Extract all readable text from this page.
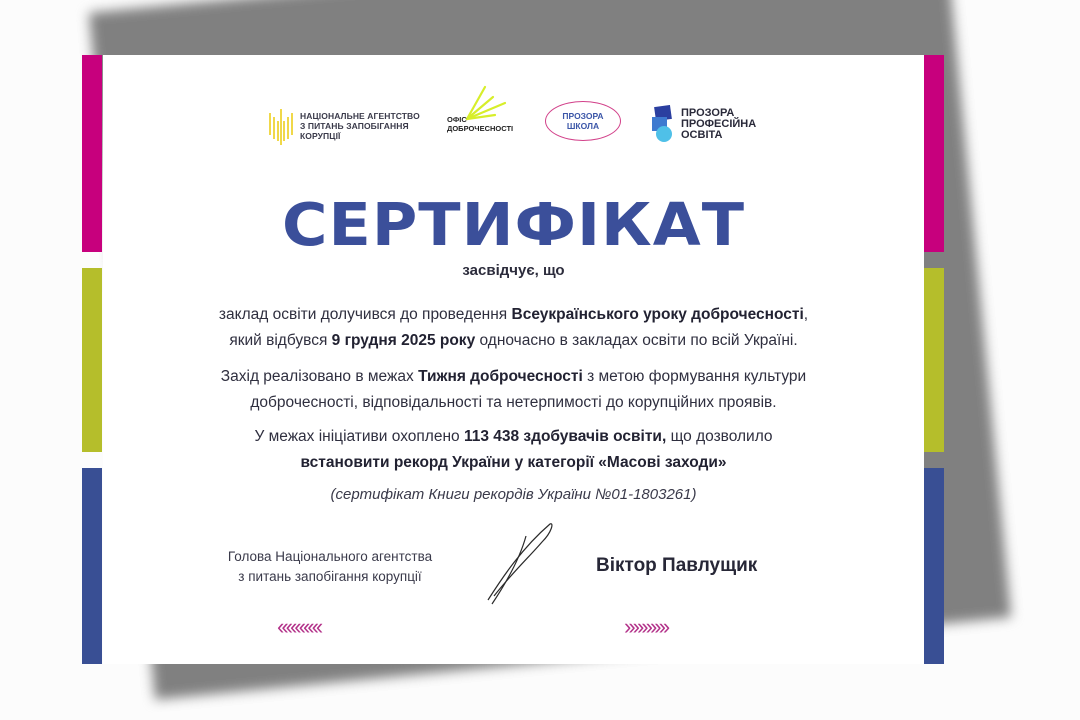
НАЦІОНАЛЬНЕ АГЕНТСТВО
З ПИТАНЬ ЗАПОБІГАННЯ
КОРУПЦІЇ
ОФІС
ДОБРОЧЕСНОСТІ
ПРОЗОРА
ШКОЛА
ПРОЗОРА
ПРОФЕСІЙНА
ОСВІТА
СЕРТИФІКАТ
засвідчує, що
заклад освіти долучився до проведення Всеукраїнського уроку доброчесності,
який відбувся 9 грудня 2025 року одночасно в закладах освіти по всій Україні.
Захід реалізовано в межах Тижня доброчесності з метою формування культури
доброчесності, відповідальності та нетерпимості до корупційних проявів.
У межах ініціативи охоплено 113 438 здобувачів освіти, що дозволило
встановити рекорд України у категорії «Масові заходи»
(сертифікат Книги рекордів України №01-1803261)
Голова Національного агентства
з питань запобігання корупції
Віктор Павлущик
‹‹‹‹‹‹‹‹‹‹	››››››››››
